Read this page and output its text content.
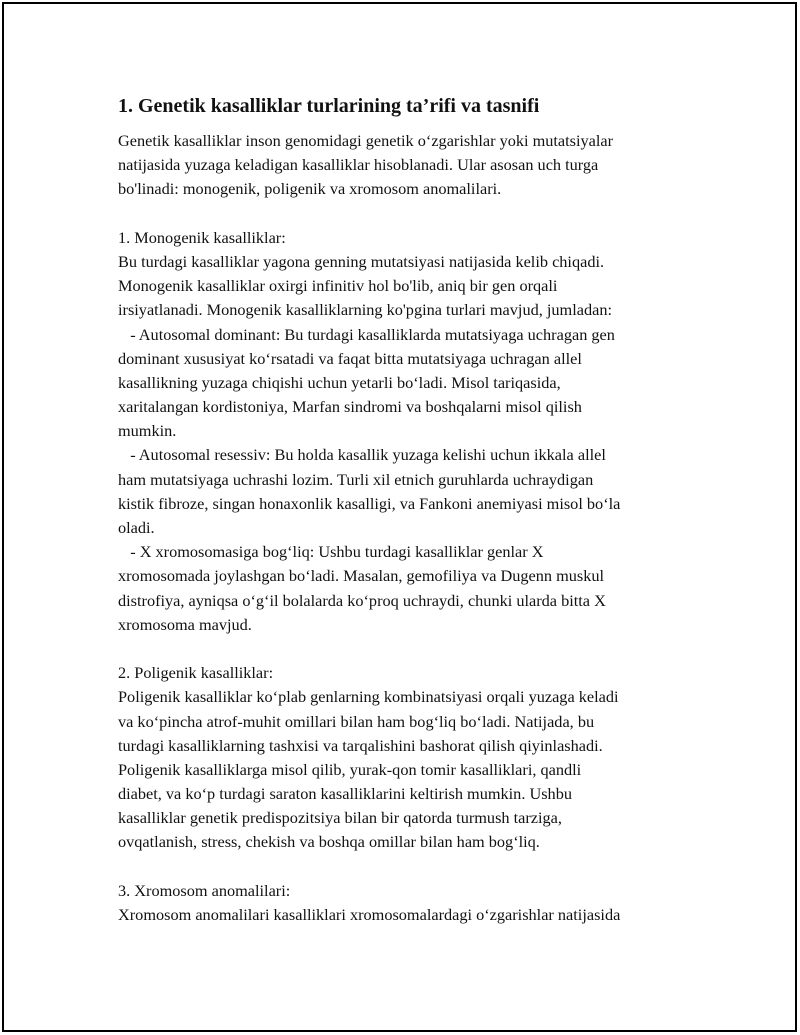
1. Genetik kasalliklar turlarining ta’rifi va tasnifi
Genetik kasalliklar inson genomidagi genetik o‘zgarishlar yoki mutatsiyalar
natijasida yuzaga keladigan kasalliklar hisoblanadi. Ular asosan uch turga
bo'linadi: monogenik, poligenik va xromosom anomalilari.
1. Monogenik kasalliklar:
Bu turdagi kasalliklar yagona genning mutatsiyasi natijasida kelib chiqadi.
Monogenik kasalliklar oxirgi infinitiv hol bo'lib, aniq bir gen orqali
irsiyatlanadi. Monogenik kasalliklarning ko'pgina turlari mavjud, jumladan:
- Autosomal dominant: Bu turdagi kasalliklarda mutatsiyaga uchragan gen
dominant xususiyat ko‘rsatadi va faqat bitta mutatsiyaga uchragan allel
kasallikning yuzaga chiqishi uchun yetarli bo‘ladi. Misol tariqasida,
xaritalangan kordistoniya, Marfan sindromi va boshqalarni misol qilish
mumkin.
- Autosomal resessiv: Bu holda kasallik yuzaga kelishi uchun ikkala allel
ham mutatsiyaga uchrashi lozim. Turli xil etnich guruhlarda uchraydigan
kistik fibroze, singan honaxonlik kasalligi, va Fankoni anemiyasi misol bo‘la
oladi.
- X xromosomasiga bog‘liq: Ushbu turdagi kasalliklar genlar X
xromosomada joylashgan bo‘ladi. Masalan, gemofiliya va Dugenn muskul
distrofiya, ayniqsa o‘g‘il bolalarda ko‘proq uchraydi, chunki ularda bitta X
xromosoma mavjud.
2. Poligenik kasalliklar:
Poligenik kasalliklar ko‘plab genlarning kombinatsiyasi orqali yuzaga keladi
va ko‘pincha atrof-muhit omillari bilan ham bog‘liq bo‘ladi. Natijada, bu
turdagi kasalliklarning tashxisi va tarqalishini bashorat qilish qiyinlashadi.
Poligenik kasalliklarga misol qilib, yurak-qon tomir kasalliklari, qandli
diabet, va ko‘p turdagi saraton kasalliklarini keltirish mumkin. Ushbu
kasalliklar genetik predispozitsiya bilan bir qatorda turmush tarziga,
ovqatlanish, stress, chekish va boshqa omillar bilan ham bog‘liq.
3. Xromosom anomalilari:
Xromosom anomalilari kasalliklari xromosomalardagi o‘zgarishlar natijasida
